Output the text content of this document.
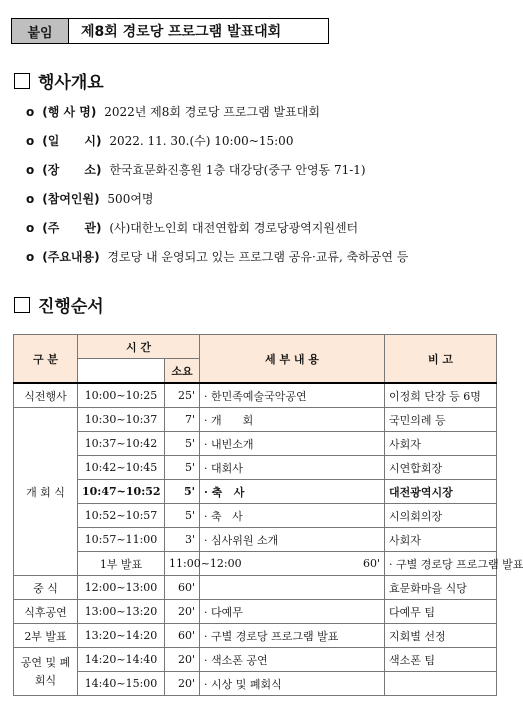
붙임	제8회 경로당 프로그램 발표대회
행사개요
o (행 사 명) 2022년 제8회 경로당 프로그램 발표대회
o (일      시) 2022. 11. 30.(수) 10:00~15:00
o (장      소) 한국효문화진흥원 1층 대강당(중구 안영동 71-1)
o (참여인원) 500여명
o (주      관) (사)대한노인회 대전연합회 경로당광역지원센터
o (주요내용) 경로당 내 운영되고 있는 프로그램 공유·교류, 축하공연 등
진행순서
구 분	시 간		세 부 내 용	비 고	
		소요			
식전행사	10:00~10:25	25'	· 한민족예술국악공연	이정희 단장 등 6명	
개 회 식	10:30~10:37	7'	· 개      회	국민의례 등	
	10:37~10:42	5'	· 내빈소개	사회자	
	10:42~10:45	5'	· 대회사	시연합회장	
	10:47~10:52	5'	· 축   사	대전광역시장	
	10:52~10:57	5'	· 축   사	시의회의장	
	10:57~11:00	3'	· 심사위원 소개	사회자	
	1부 발표	11:00~12:00	60'	· 구별 경로당 프로그램 발표	
중 식	12:00~13:00	60'		효문화마을 식당	
식후공연	13:00~13:20	20'	· 다예무	다예무 팀	
2부 발표	13:20~14:20	60'	· 구별 경로당 프로그램 발표	지회별 선정	
공연 및 폐회식	14:20~14:40	20'	· 색소폰 공연	색소폰 팀	
	14:40~15:00	20'	· 시상 및 폐회식		
